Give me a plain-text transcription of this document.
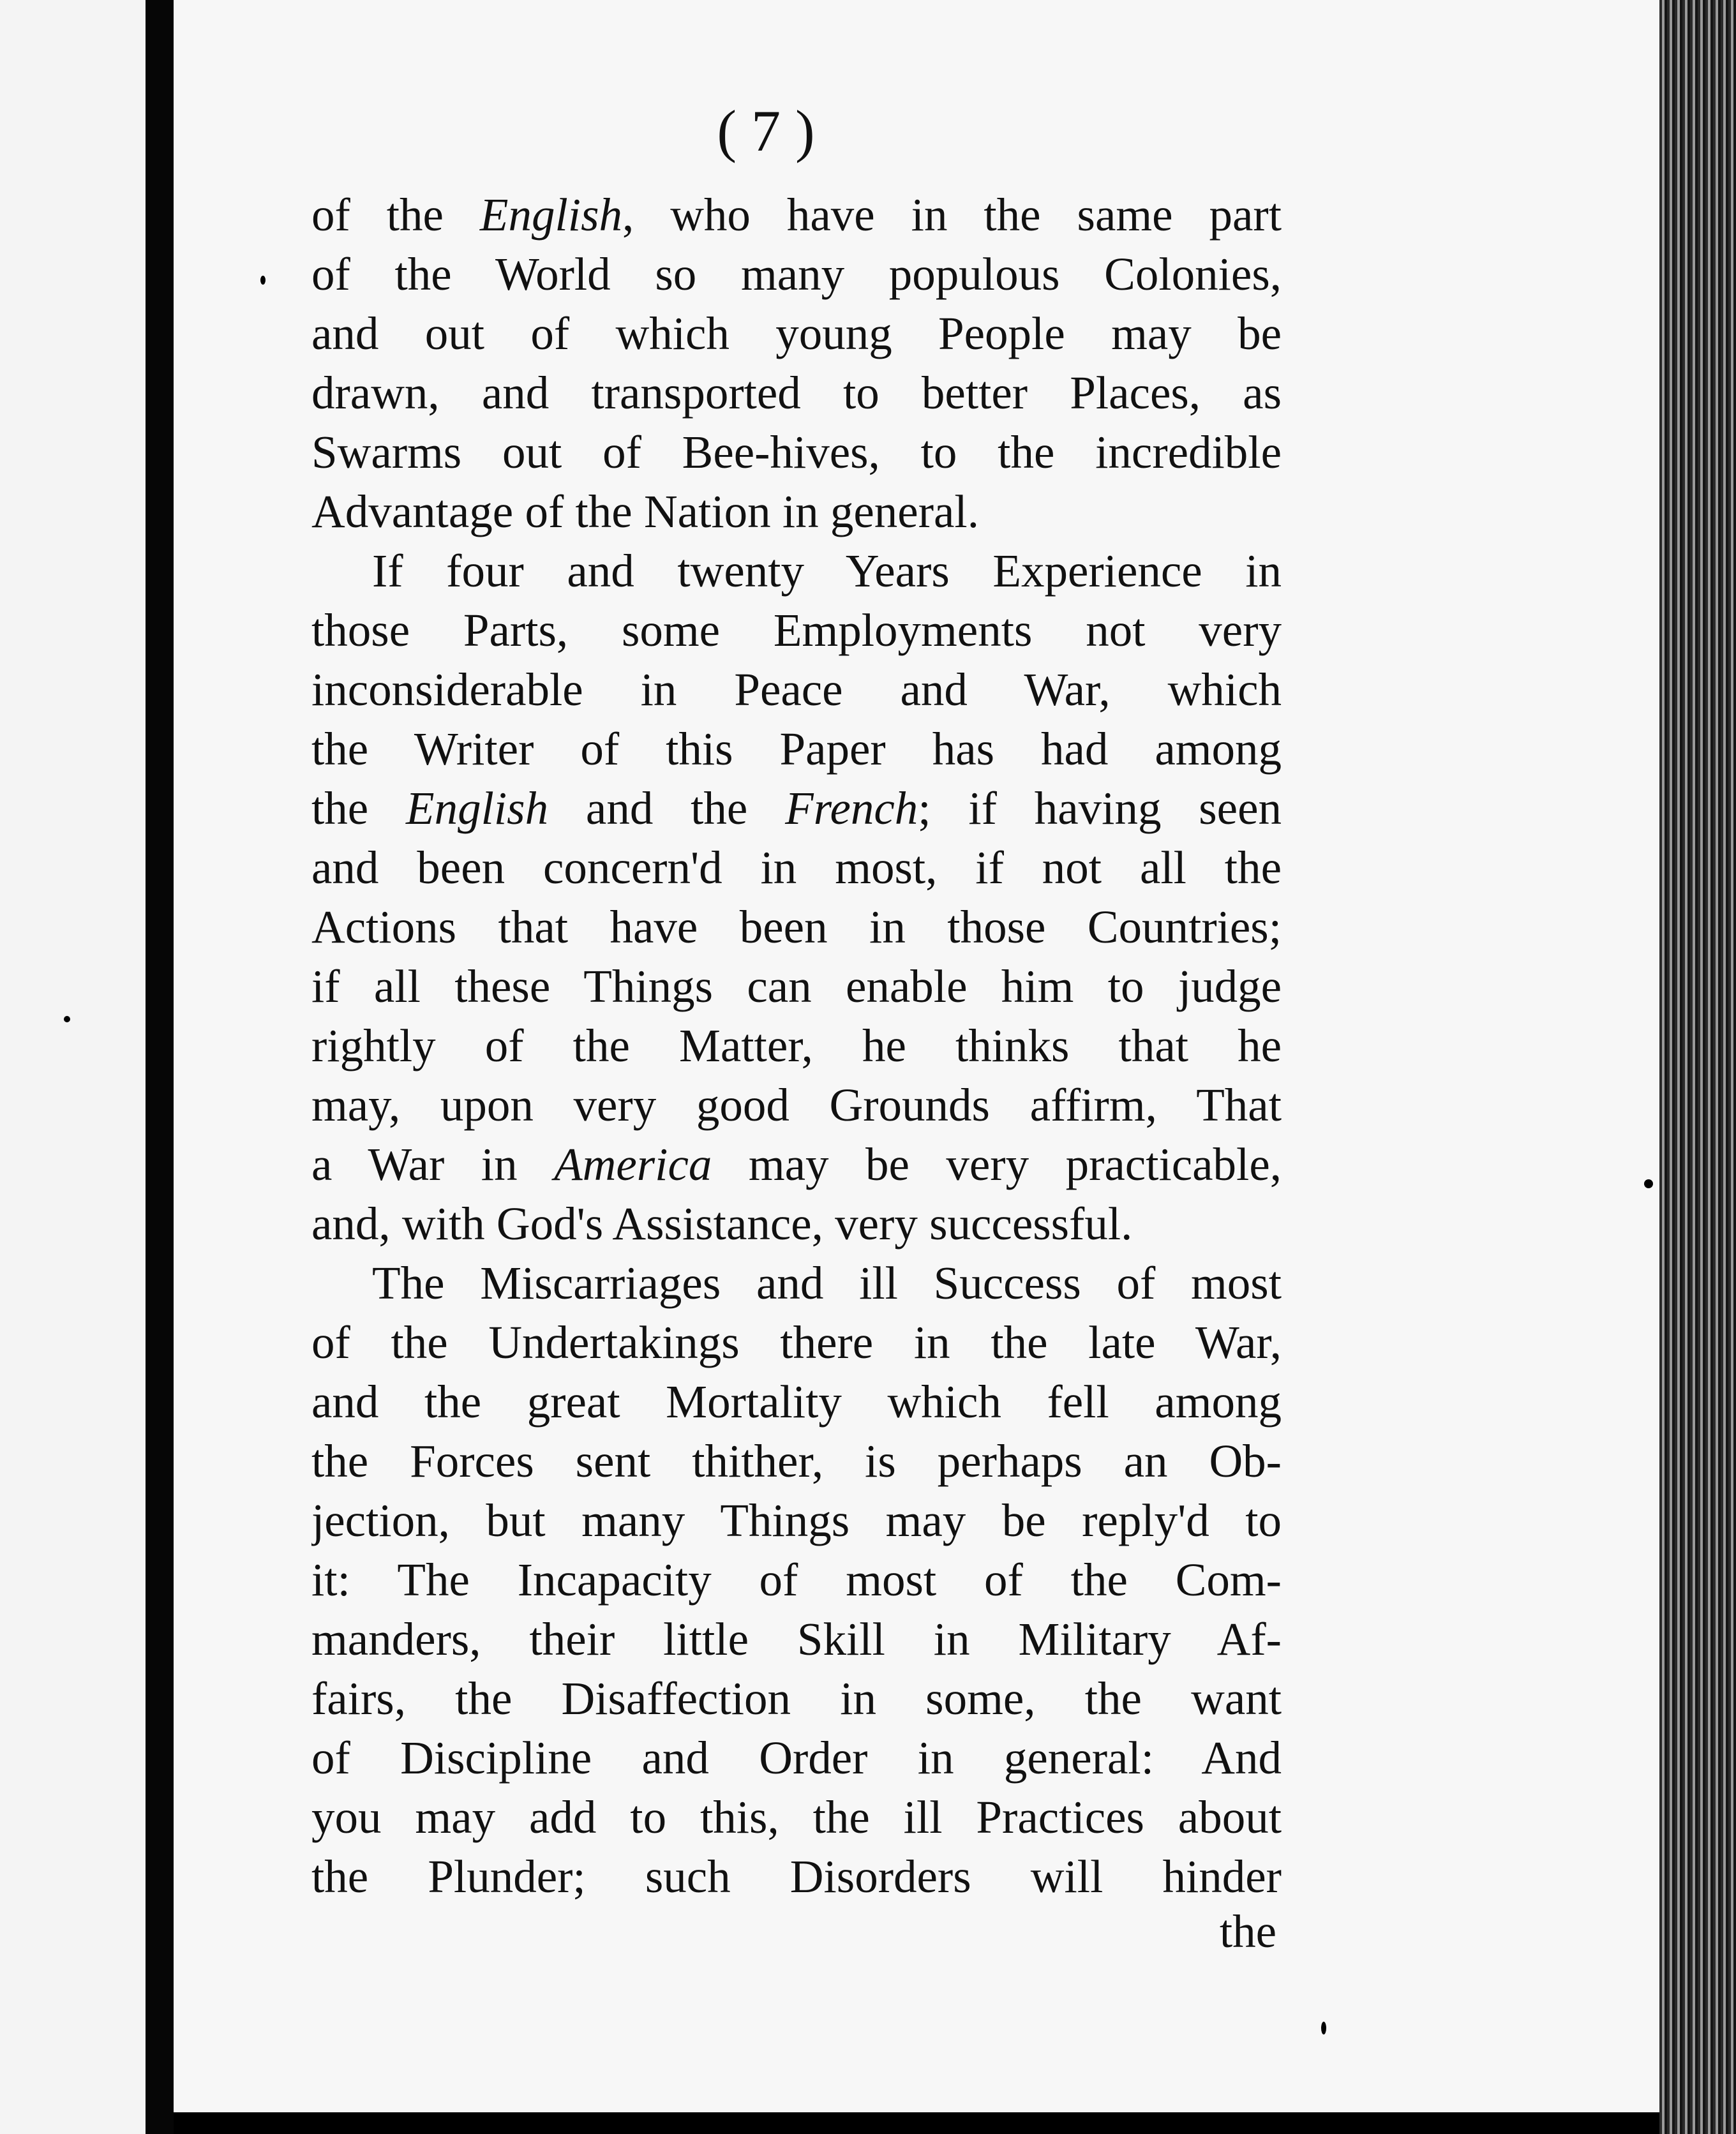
( 7 )
of the English, who have in the same part
of the World so many populous Colonies,
and out of which young People may be
drawn, and transported to better Places, as
Swarms out of Bee-hives, to the incredible
Advantage of the Nation in general.
If four and twenty Years Experience in
those Parts, some Employments not very
inconsiderable in Peace and War, which
the Writer of this Paper has had among
the English and the French; if having seen
and been concern'd in most, if not all the
Actions that have been in those Countries;
if all these Things can enable him to judge
rightly of the Matter, he thinks that he
may, upon very good Grounds affirm, That
a War in America may be very practicable,
and, with God's Assistance, very successful.
The Miscarriages and ill Success of most
of the Undertakings there in the late War,
and the great Mortality which fell among
the Forces sent thither, is perhaps an Ob-
jection, but many Things may be reply'd to
it: The Incapacity of most of the Com-
manders, their little Skill in Military Af-
fairs, the Disaffection in some, the want
of Discipline and Order in general: And
you may add to this, the ill Practices about
the Plunder; such Disorders will hinder
the
